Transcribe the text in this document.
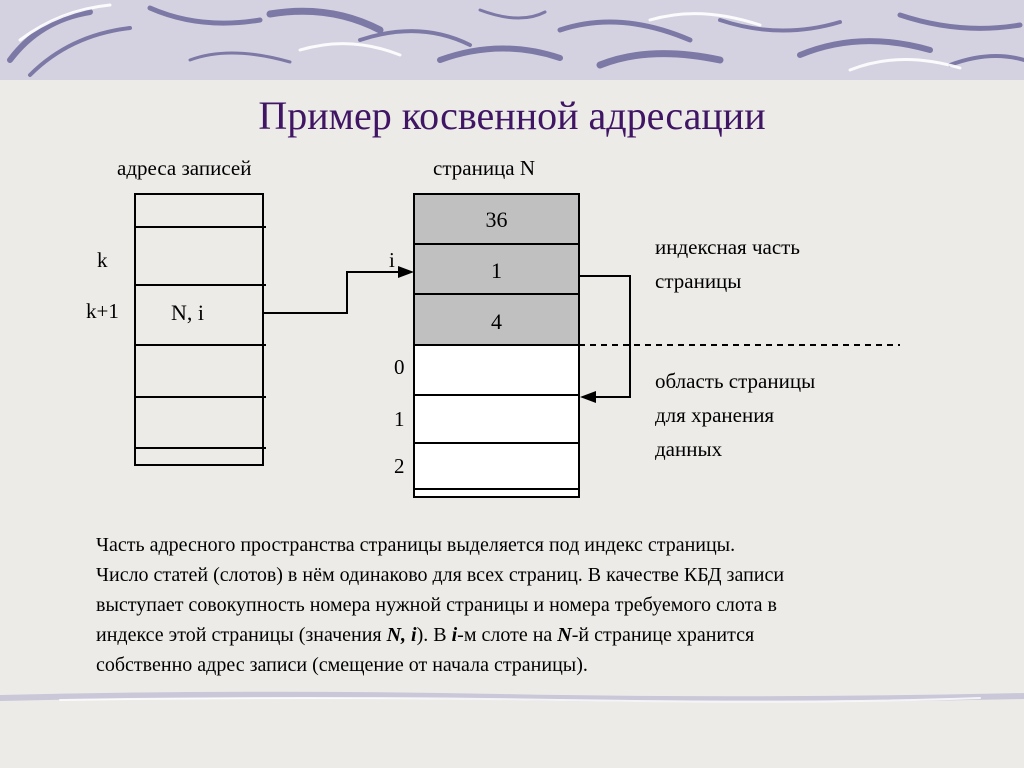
Пример косвенной адресации
адреса записей	страница N
k
k+1 N, i
i
36
1
4
0
1
2
индексная часть
страницы
область страницы
для хранения
данных
Часть адресного пространства страницы выделяется под индекс страницы.
Число статей (слотов) в нём одинаково для всех страниц. В качестве КБД записи
выступает совокупность номера нужной страницы и номера требуемого слота в
индексе этой страницы (значения N, i). В i-м слоте на N-й странице хранится
собственно адрес записи (смещение от начала страницы).
